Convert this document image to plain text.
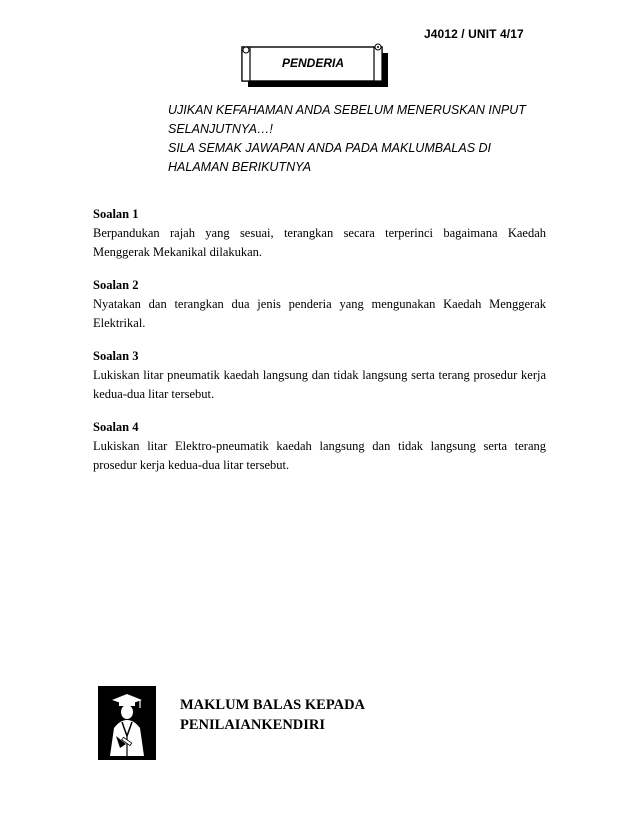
J4012 / UNIT 4/17
PENDERIA
UJIKAN KEFAHAMAN ANDA SEBELUM MENERUSKAN INPUT
SELANJUTNYA…!
SILA SEMAK JAWAPAN ANDA PADA MAKLUMBALAS DI
HALAMAN BERIKUTNYA
Soalan 1
Berpandukan rajah yang sesuai, terangkan secara terperinci bagaimana Kaedah Menggerak Mekanikal dilakukan.
Soalan 2
Nyatakan dan terangkan dua jenis penderia yang mengunakan Kaedah Menggerak Elektrikal.
Soalan 3
Lukiskan litar pneumatik kaedah langsung dan tidak langsung serta terang prosedur kerja kedua-dua litar tersebut.
Soalan 4
Lukiskan litar Elektro-pneumatik kaedah langsung dan tidak langsung serta terang prosedur kerja kedua-dua litar tersebut.
MAKLUM BALAS KEPADA
PENILAIANKENDIRI
